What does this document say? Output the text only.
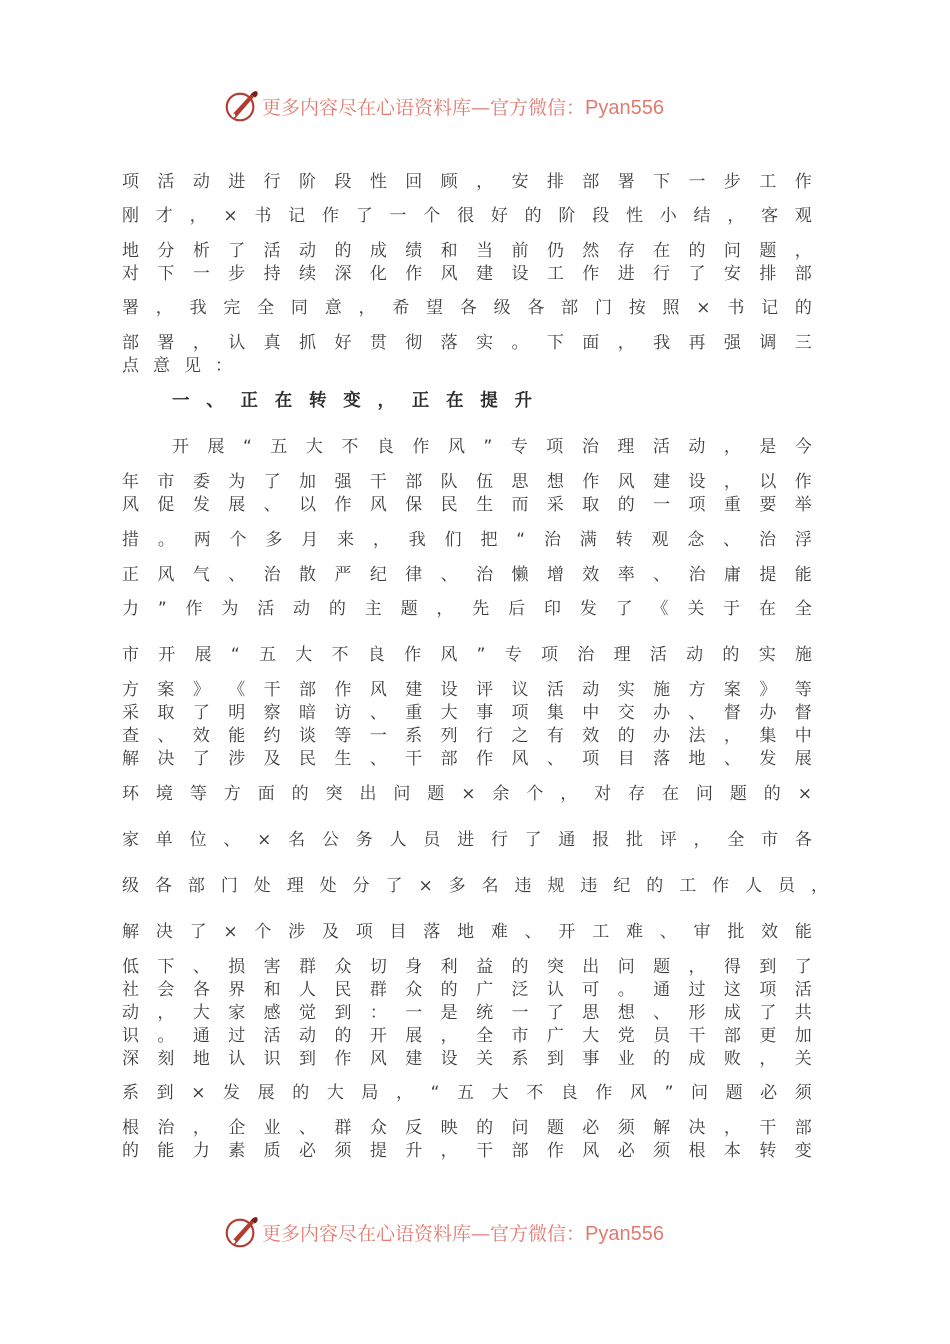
更多内容尽在心语资料库—官方微信：Pyan556
项 活 动 进 行 阶 段 性 回 顾 ， 安 排 部 署 下 一 步 工 作
刚 才 ， × 书 记 作 了 一 个 很 好 的 阶 段 性 小 结 ， 客 观
地 分 析 了 活 动 的 成 绩 和 当 前 仍 然 存 在 的 问 题 ，
对 下 一 步 持 续 深 化 作 风 建 设 工 作 进 行 了 安 排 部
署 ， 我 完 全 同 意 ， 希 望 各 级 各 部 门 按 照 × 书 记 的
部 署 ， 认 真 抓 好 贯 彻 落 实 。 下 面 ， 我 再 强 调 三
点 意 见 ：
一 、 正 在 转 变 ， 正 在 提 升
开 展 “ 五 大 不 良 作 风 ” 专 项 治 理 活 动 ， 是 今
年 市 委 为 了 加 强 干 部 队 伍 思 想 作 风 建 设 ， 以 作
风 促 发 展 、 以 作 风 保 民 生 而 采 取 的 一 项 重 要 举
措 。 两 个 多 月 来 ， 我 们 把 “ 治 满 转 观 念 、 治 浮
正 风 气 、 治 散 严 纪 律 、 治 懒 增 效 率 、 治 庸 提 能
力 ” 作 为 活 动 的 主 题 ， 先 后 印 发 了 《 关 于 在 全
市 开 展 “ 五 大 不 良 作 风 ” 专 项 治 理 活 动 的 实 施
方 案 》 《 干 部 作 风 建 设 评 议 活 动 实 施 方 案 》 等
采 取 了 明 察 暗 访 、 重 大 事 项 集 中 交 办 、 督 办 督
查 、 效 能 约 谈 等 一 系 列 行 之 有 效 的 办 法 ， 集 中
解 决 了 涉 及 民 生 、 干 部 作 风 、 项 目 落 地 、 发 展
环 境 等 方 面 的 突 出 问 题 × 余 个 ， 对 存 在 问 题 的 ×
家 单 位 、 × 名 公 务 人 员 进 行 了 通 报 批 评 ， 全 市 各
级 各 部 门 处 理 处 分 了 × 多 名 违 规 违 纪 的 工 作 人 员 ，
解 决 了 × 个 涉 及 项 目 落 地 难 、 开 工 难 、 审 批 效 能
低 下 、 损 害 群 众 切 身 利 益 的 突 出 问 题 ， 得 到 了
社 会 各 界 和 人 民 群 众 的 广 泛 认 可 。 通 过 这 项 活
动 ， 大 家 感 觉 到 ： 一 是 统 一 了 思 想 、 形 成 了 共
识 。 通 过 活 动 的 开 展 ， 全 市 广 大 党 员 干 部 更 加
深 刻 地 认 识 到 作 风 建 设 关 系 到 事 业 的 成 败 ， 关
系 到 × 发 展 的 大 局 ， “ 五 大 不 良 作 风 ” 问 题 必 须
根 治 ， 企 业 、 群 众 反 映 的 问 题 必 须 解 决 ， 干 部
的 能 力 素 质 必 须 提 升 ， 干 部 作 风 必 须 根 本 转 变
更多内容尽在心语资料库—官方微信：Pyan556
